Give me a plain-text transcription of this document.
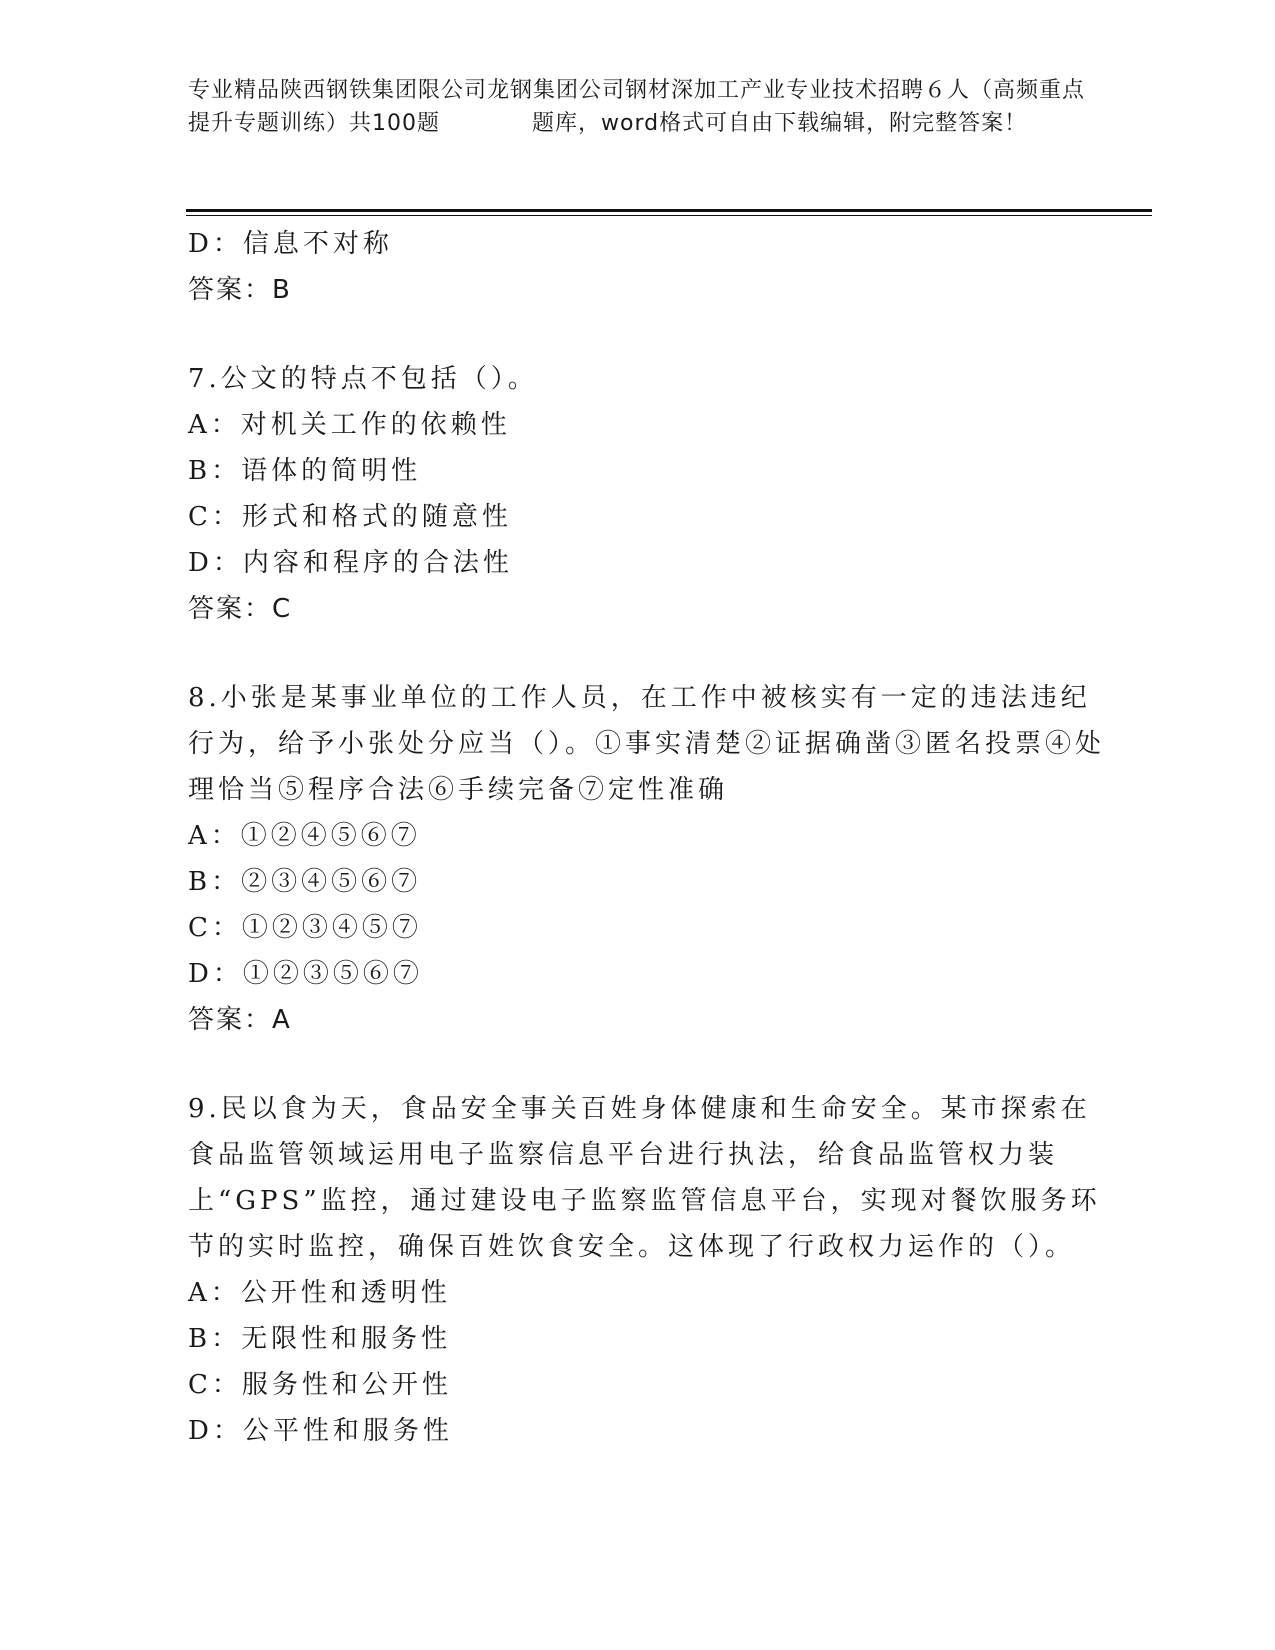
专业精品陕西钢铁集团限公司龙钢集团公司钢材深加工产业专业技术招聘６人（高频重点提升专题训练）共100题　　　　题库，word格式可自由下载编辑，附完整答案！

D：信息不对称

答案：B

7.公文的特点不包括（）。

A：对机关工作的依赖性

B：语体的简明性

C：形式和格式的随意性

D：内容和程序的合法性

答案：C

8.小张是某事业单位的工作人员，在工作中被核实有一定的违法违纪行为，给予小张处分应当（）。①事实清楚②证据确凿③匿名投票④处理恰当⑤程序合法⑥手续完备⑦定性准确

A：①②④⑤⑥⑦

B：②③④⑤⑥⑦

C：①②③④⑤⑦

D：①②③⑤⑥⑦

答案：A

9.民以食为天，食品安全事关百姓身体健康和生命安全。某市探索在食品监管领域运用电子监察信息平台进行执法，给食品监管权力装上“GPS”监控，通过建设电子监察监管信息平台，实现对餐饮服务环节的实时监控，确保百姓饮食安全。这体现了行政权力运作的（）。

A：公开性和透明性

B：无限性和服务性

C：服务性和公开性

D：公平性和服务性
